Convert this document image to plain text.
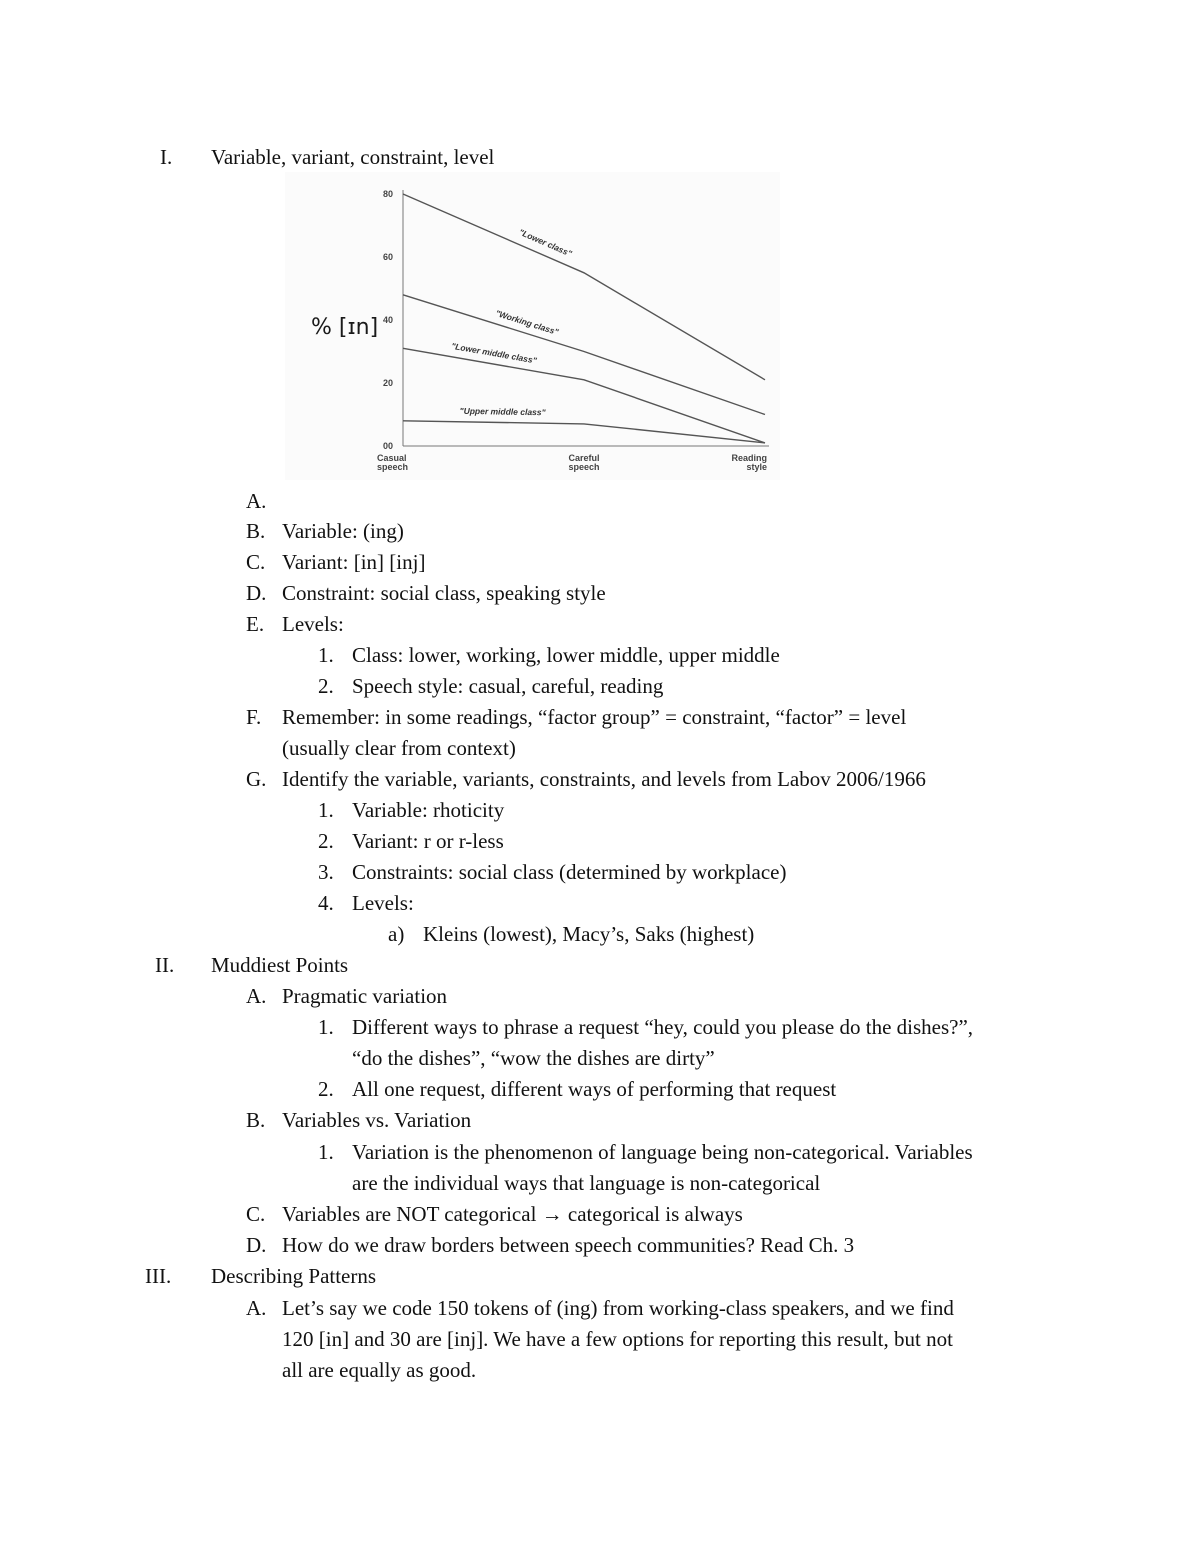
I. Variable, variant, constraint, level
00
20
40
60
80
% [ɪn]
Casual
speech
Careful
speech
Reading
style
"Lower class"
"Working class"
"Lower middle class"
"Upper middle class"
A.
B. Variable: (ing)
C. Variant: [in] [inj]
D. Constraint: social class, speaking style
E. Levels:
1. Class: lower, working, lower middle, upper middle
2. Speech style: casual, careful, reading
F. Remember: in some readings, “factor group” = constraint, “factor” = level
(usually clear from context)
G. Identify the variable, variants, constraints, and levels from Labov 2006/1966
1. Variable: rhoticity
2. Variant: r or r-less
3. Constraints: social class (determined by workplace)
4. Levels:
a) Kleins (lowest), Macy’s, Saks (highest)
II. Muddiest Points
A. Pragmatic variation
1. Different ways to phrase a request “hey, could you please do the dishes?”,
“do the dishes”, “wow the dishes are dirty”
2. All one request, different ways of performing that request
B. Variables vs. Variation
1. Variation is the phenomenon of language being non-categorical. Variables
are the individual ways that language is non-categorical
C. Variables are NOT categorical → categorical is always
D. How do we draw borders between speech communities? Read Ch. 3
III. Describing Patterns
A. Let’s say we code 150 tokens of (ing) from working-class speakers, and we find
120 [in] and 30 are [inj]. We have a few options for reporting this result, but not
all are equally as good.
